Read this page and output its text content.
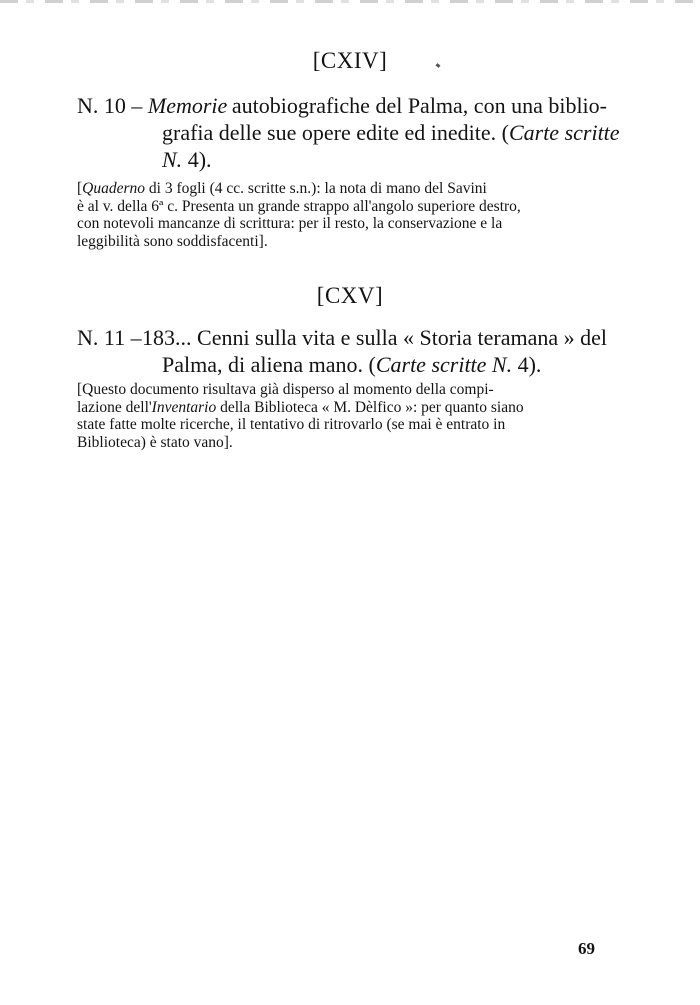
[CXIV]
N. 10 – Memorie autobiografiche del Palma, con una biblio-
grafia delle sue opere edite ed inedite. (Carte scritte
N. 4).
[Quaderno di 3 fogli (4 cc. scritte s.n.): la nota di mano del Savini
è al v. della 6ª c. Presenta un grande strappo all'angolo superiore destro,
con notevoli mancanze di scrittura: per il resto, la conservazione e la
leggibilità sono soddisfacenti].
[CXV]
N. 11 – 183... Cenni sulla vita e sulla « Storia teramana » del
Palma, di aliena mano. (Carte scritte N. 4).
[Questo documento risultava già disperso al momento della compi-
lazione dell'Inventario della Biblioteca « M. Dèlfico »: per quanto siano
state fatte molte ricerche, il tentativo di ritrovarlo (se mai è entrato in
Biblioteca) è stato vano].
69
